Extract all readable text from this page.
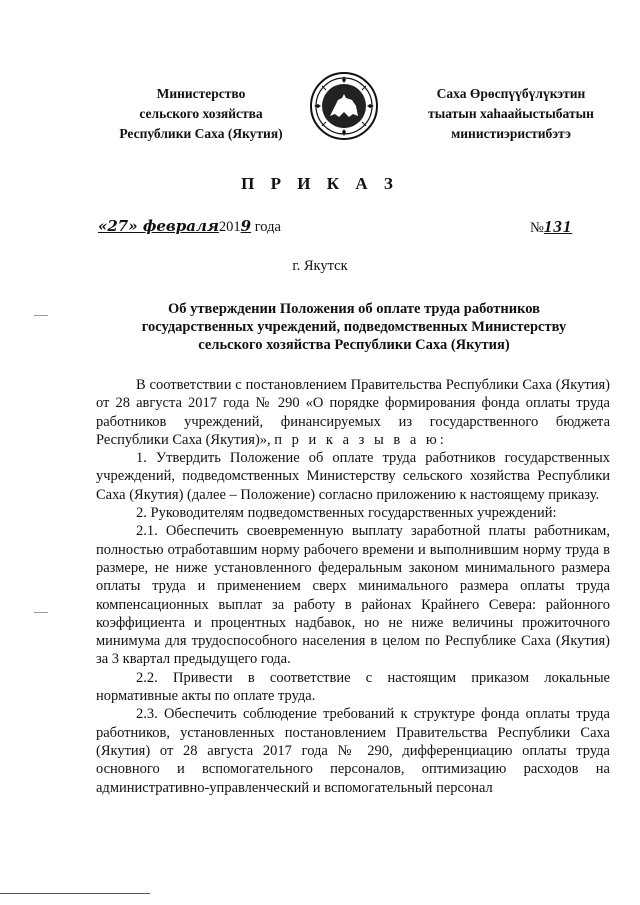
Министерство
сельского хозяйства
Республики Саха (Якутия)
Саха Өрөспүүбүлүкэтин
тыатын хаһаайыстыбатын
министиэристибэтэ
П Р И К А З
«27» февраля2019 года	№131
г. Якутск
Об утверждении Положения об оплате труда работников
государственных учреждений, подведомственных Министерству
сельского хозяйства Республики Саха (Якутия)

В соответствии с постановлением Правительства Республики Саха (Якутия) от 28 августа 2017 года № 290 «О порядке формирования фонда оплаты труда работников учреждений, финансируемых из государственного бюджета Республики Саха (Якутия)», п р и к а з ы в а ю:

1. Утвердить Положение об оплате труда работников государственных учреждений, подведомственных Министерству сельского хозяйства Республики Саха (Якутия) (далее – Положение) согласно приложению к настоящему приказу.

2. Руководителям подведомственных государственных учреждений:

2.1. Обеспечить своевременную выплату заработной платы работникам, полностью отработавшим норму рабочего времени и выполнившим норму труда в размере, не ниже установленного федеральным законом минимального размера оплаты труда и применением сверх минимального размера оплаты труда компенсационных выплат за работу в районах Крайнего Севера: районного коэффициента и процентных надбавок, но не ниже величины прожиточного минимума для трудоспособного населения в целом по Республике Саха (Якутия) за 3 квартал предыдущего года.

2.2. Привести в соответствие с настоящим приказом локальные нормативные акты по оплате труда.

2.3. Обеспечить соблюдение требований к структуре фонда оплаты труда работников, установленных постановлением Правительства Республики Саха (Якутия) от 28 августа 2017 года № 290, дифференциацию оплаты труда основного и вспомогательного персоналов, оптимизацию расходов на административно-управленческий и вспомогательный персонал
